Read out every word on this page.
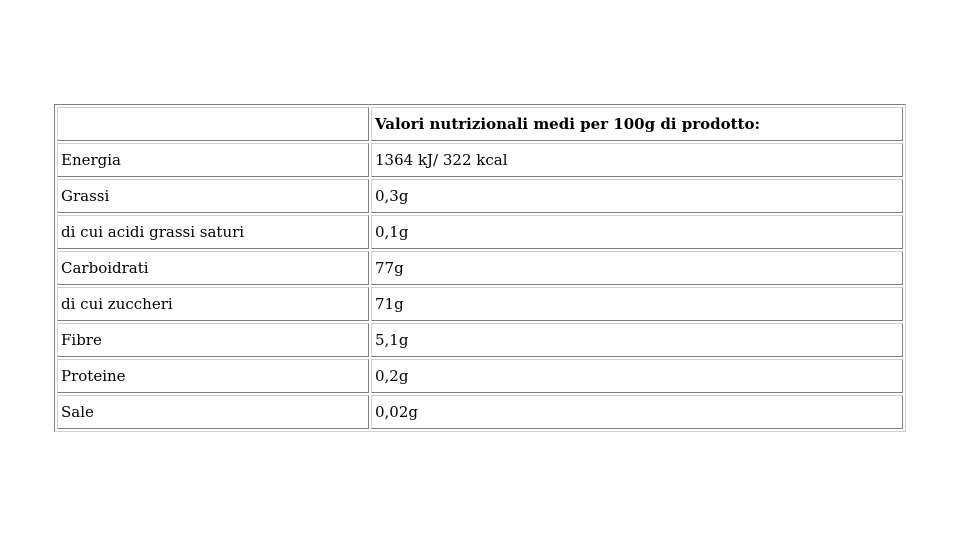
	Valori nutrizionali medi per 100g di prodotto:
Energia	1364 kJ/ 322 kcal
Grassi	0,3g
di cui acidi grassi saturi	0,1g
Carboidrati	77g
di cui zuccheri	71g
Fibre	5,1g
Proteine	0,2g
Sale	0,02g
